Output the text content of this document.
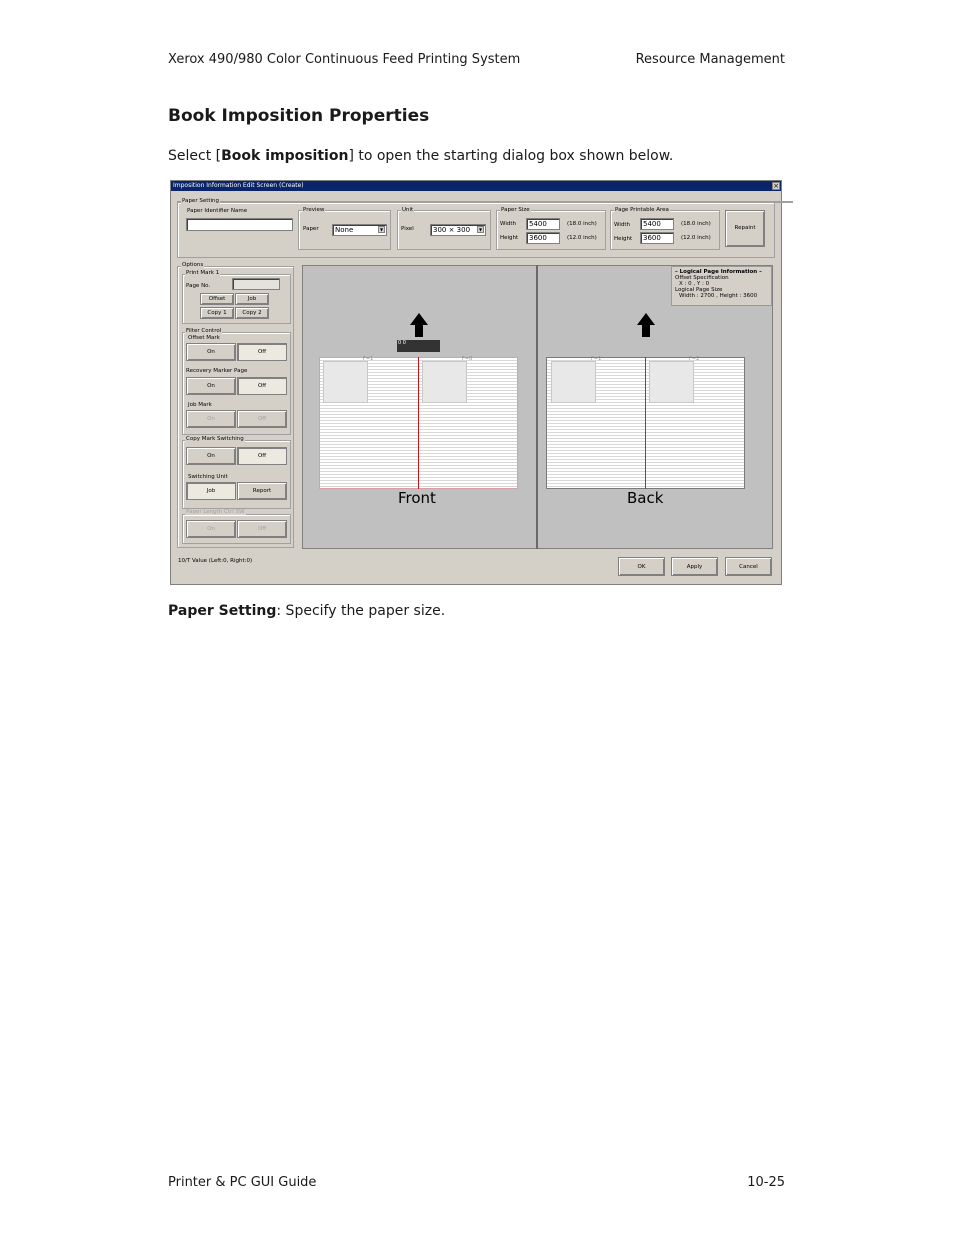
Xerox 490/980 Color Continuous Feed Printing System	Resource Management
Book Imposition Properties
Select [Book imposition] to open the starting dialog box shown below.
Imposition Information Edit Screen (Create)	×
Paper Setting
Paper Identifier Name	Preview
Paper	None	▼
Unit
Pixel	300 × 300	▼
Paper Size
Width	5400	(18.0 inch)
Height	3600	(12.0 inch)
Page Printable Area
Width	5400	(18.0 inch)
Height	3600	(12.0 inch)
Repaint
Options
Print Mark 1
Page No.
Offset	Job
Copy 1	Copy 2
Filter Control
Offset Mark
On	Off
Recovery Marker Page
On	Off
Job Mark
On	Off
Copy Mark Switching
On	Off
Switching Unit
Job	Report
Paper Length Ctrl SW
On	Off
0 0
F=1	F=0
Front
F=1	F=2
Back
– Logical Page Information –
Offset Specification
X : 0 , Y : 0
Logical Page Size
Width : 2700 , Height : 3600
10/T Value (Left:0, Right:0)
OK	Apply	Cancel
Paper Setting: Specify the paper size.
Printer & PC GUI Guide	10-25
